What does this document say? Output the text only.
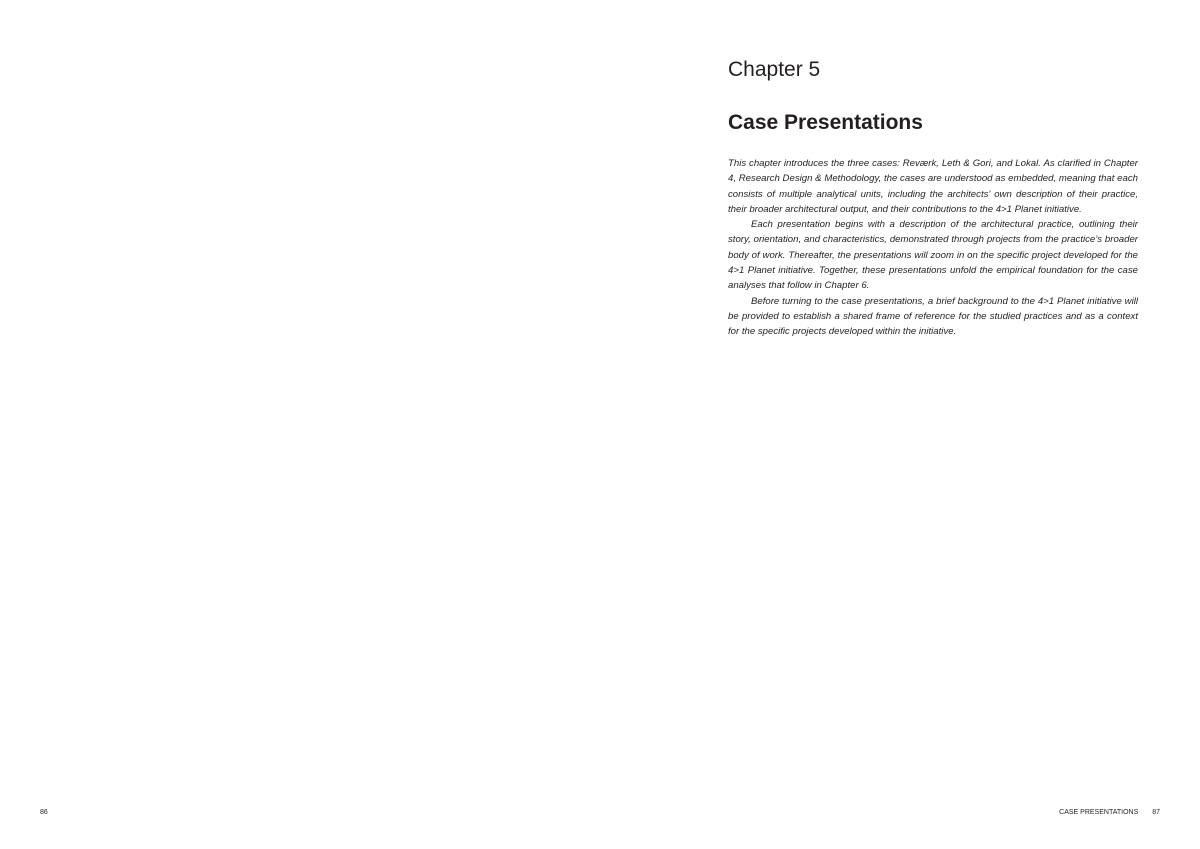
86
Chapter 5
Case Presentations

This chapter introduces the three cases: Reværk, Leth & Gori, and Lokal. As clarified in Chapter 4, Research Design & Methodology, the cases are understood as embedded, meaning that each consists of multiple analytical units, including the architects’ own description of their practice, their broader architectural output, and their contributions to the 4>1 Planet initiative.

Each presentation begins with a description of the architectural practice, outlining their story, orientation, and characteristics, demonstrated through projects from the practice’s broader body of work. Thereafter, the presentations will zoom in on the specific project developed for the 4>1 Planet initiative. Together, these presentations unfold the empirical foundation for the case analyses that follow in Chapter 6.

Before turning to the case presentations, a brief background to the 4>1 Planet initiative will be provided to establish a shared frame of reference for the studied practices and as a context for the specific projects developed within the initiative.

CASE PRESENTATIONS 87
